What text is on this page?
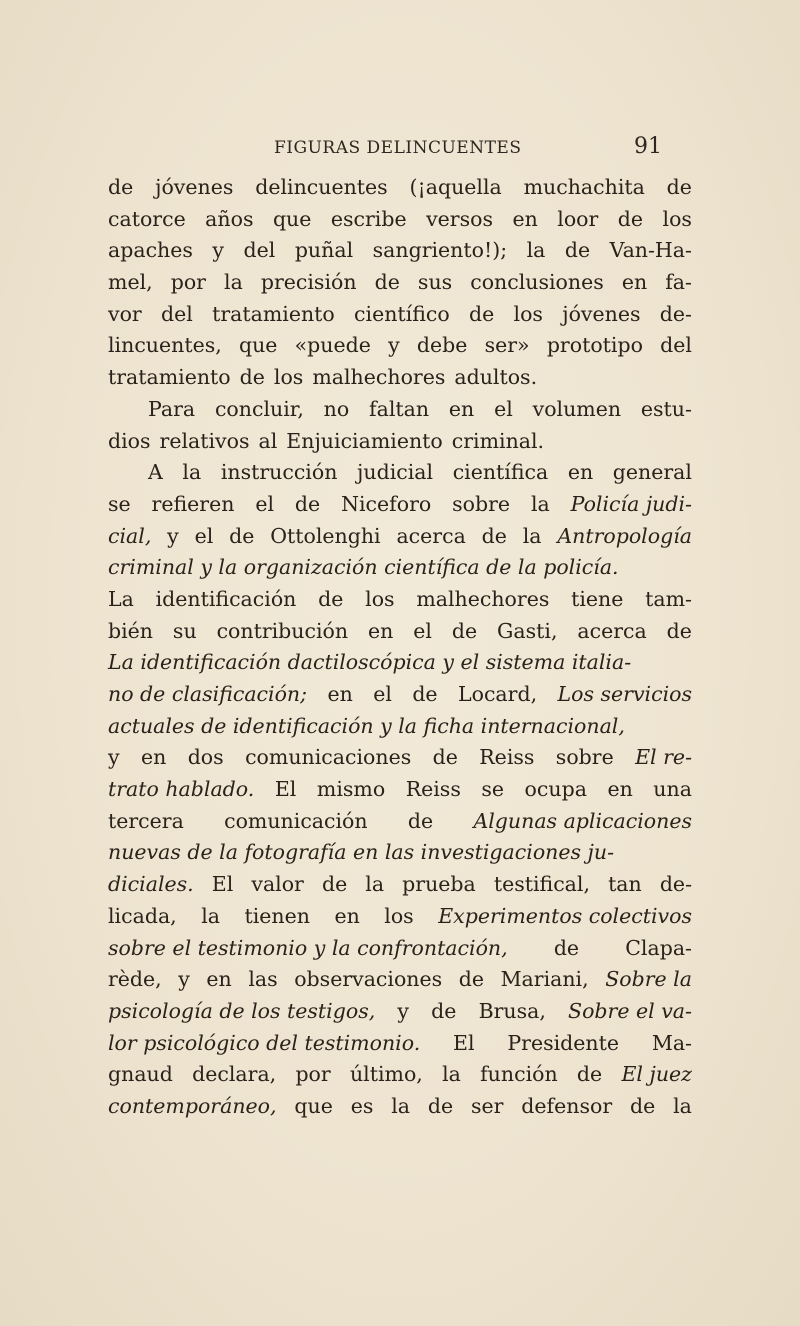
FIGURAS DELINCUENTES	91
de jóvenes delincuentes (¡aquella muchachita de
catorce años que escribe versos en loor de los
apaches y del puñal sangriento!); la de Van-Ha-
mel, por la precisión de sus conclusiones en fa-
vor del tratamiento científico de los jóvenes de-
lincuentes, que «puede y debe ser» prototipo del
tratamiento de los malhechores adultos.
Para concluir, no faltan en el volumen estu-
dios relativos al Enjuiciamiento criminal.
A la instrucción judicial científica en general
se refieren el de Niceforo sobre la Policía judi-
cial, y el de Ottolenghi acerca de la Antropología
criminal y la organización científica de la policía.
La identificación de los malhechores tiene tam-
bién su contribución en el de Gasti, acerca de
La identificación dactiloscópica y el sistema italia-
no de clasificación; en el de Locard, Los servicios
actuales de identificación y la ficha internacional,
y en dos comunicaciones de Reiss sobre El re-
trato hablado. El mismo Reiss se ocupa en una
tercera comunicación de Algunas aplicaciones
nuevas de la fotografía en las investigaciones ju-
diciales. El valor de la prueba testifical, tan de-
licada, la tienen en los Experimentos colectivos
sobre el testimonio y la confrontación, de Clapa-
rède, y en las observaciones de Mariani, Sobre la
psicología de los testigos, y de Brusa, Sobre el va-
lor psicológico del testimonio. El Presidente Ma-
gnaud declara, por último, la función de El juez
contemporáneo, que es la de ser defensor de la
